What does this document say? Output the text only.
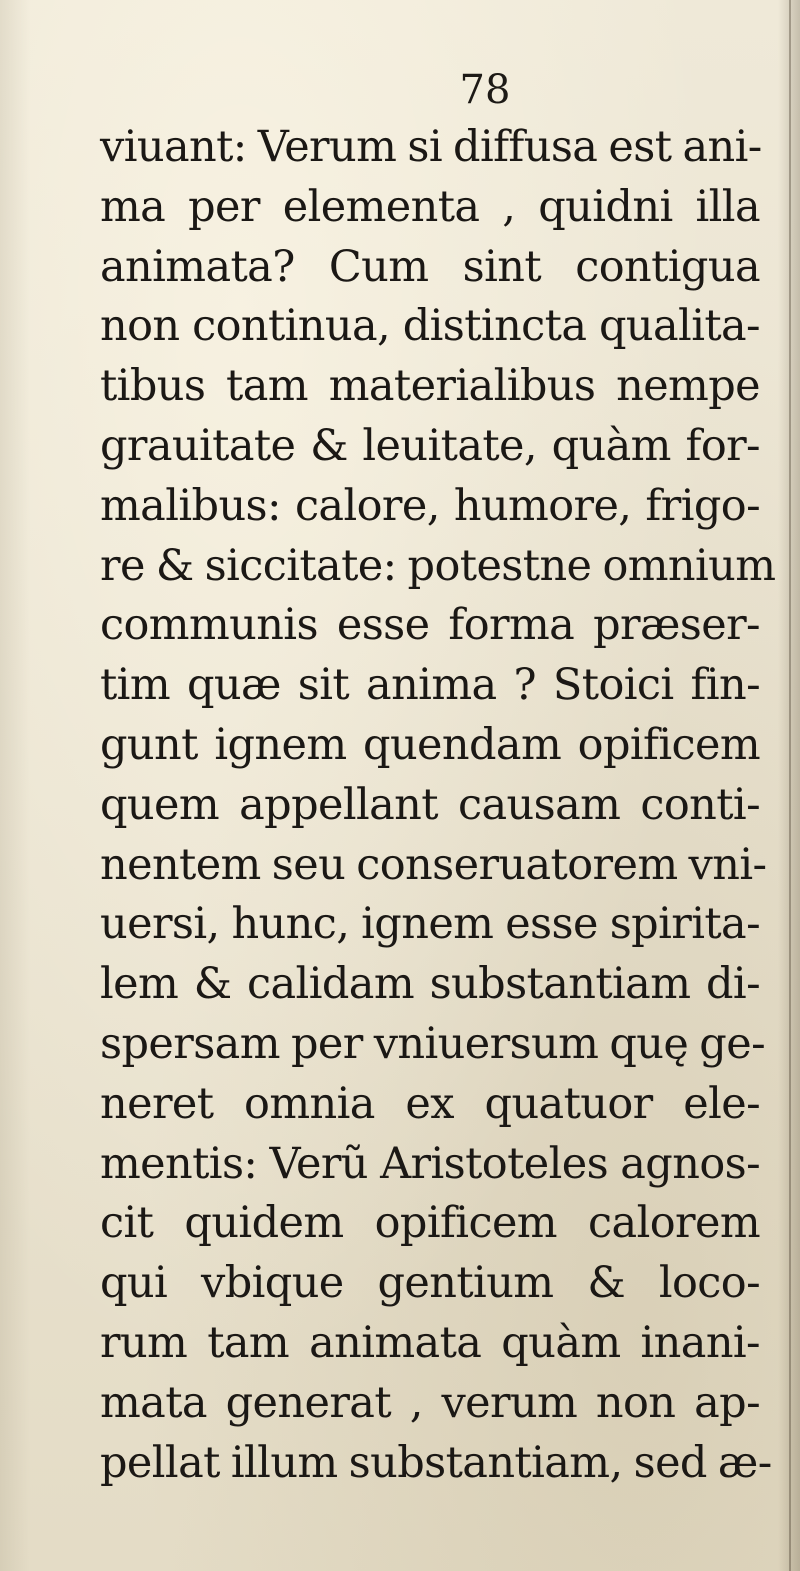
78
viuant: Verum si diffusa est ani-
ma per elementa , quidni illa
animata? Cum sint contigua
non continua, distincta qualita-
tibus tam materialibus nempe
grauitate & leuitate, quàm for-
malibus: calore, humore, frigo-
re & siccitate: potestne omnium
communis esse forma præser-
tim quæ sit anima ? Stoici fin-
gunt ignem quendam opificem
quem appellant causam conti-
nentem seu conseruatorem vni-
uersi, hunc, ignem esse spirita-
lem & calidam substantiam di-
spersam per vniuersum quę ge-
neret omnia ex quatuor ele-
mentis: Verũ Aristoteles agnos-
cit quidem opificem calorem
qui vbique gentium & loco-
rum tam animata quàm inani-
mata generat , verum non ap-
pellat illum substantiam, sed æ-
